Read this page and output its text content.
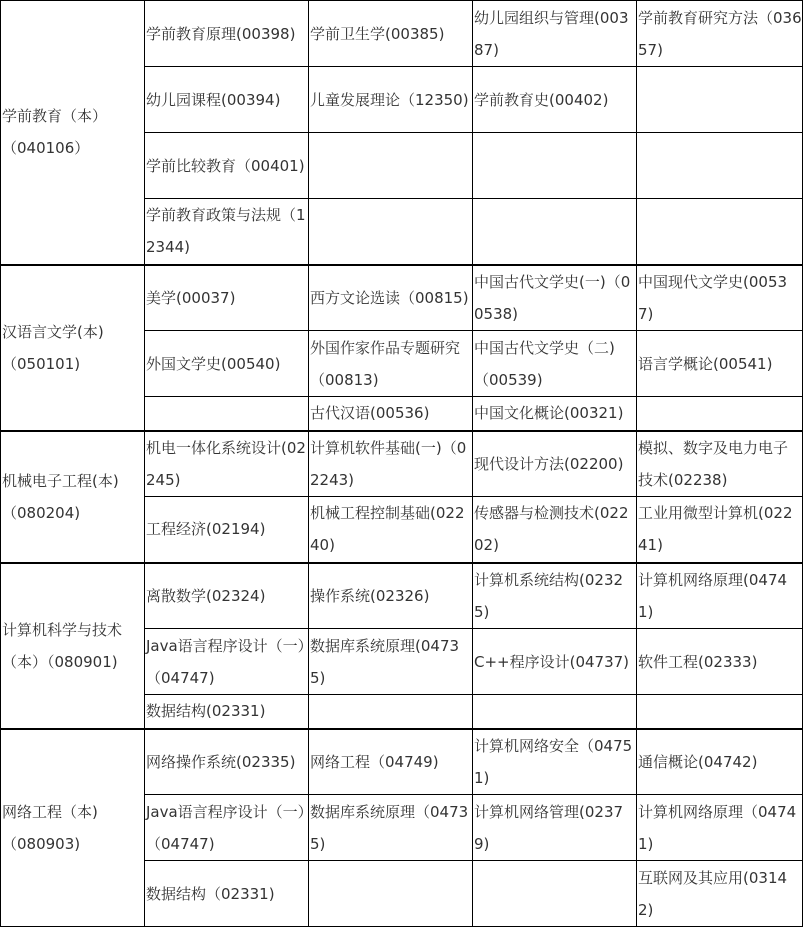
学前教育（本）
（040106）	学前教育原理(00398)	学前卫生学(00385)	幼儿园组织与管理(00387)	学前教育研究方法（03657)
	幼儿园课程(00394)	儿童发展理论（12350)	学前教育史(00402)	
	学前比较教育（00401)			
	学前教育政策与法规（12344)			
汉语言文学(本)
（050101)	美学(00037)	西方文论选读（00815)	中国古代文学史(一)（00538)	中国现代文学史(00537)
	外国文学史(00540)	外国作家作品专题研究（00813)	中国古代文学史（二)（00539)	语言学概论(00541)
		古代汉语(00536)	中国文化概论(00321)	
机械电子工程(本)
（080204)	机电一体化系统设计(02245)	计算机软件基础(一)（02243)	现代设计方法(02200)	模拟、数字及电力电子技术(02238)
	工程经济(02194)	机械工程控制基础(02240)	传感器与检测技术(02202)	工业用微型计算机(02241)
计算机科学与技术（本）（080901)	离散数学(02324)	操作系统(02326)	计算机系统结构(02325)	计算机网络原理(04741)
	Java语言程序设计（一）（04747)	数据库系统原理(04735)	C++程序设计(04737)	软件工程(02333)
	数据结构(02331)			
网络工程（本)
（080903)	网络操作系统(02335)	网络工程（04749)	计算机网络安全（04751)	通信概论(04742)
	Java语言程序设计（一）（04747)	数据库系统原理（04735)	计算机网络管理(02379)	计算机网络原理（04741)
	数据结构（02331)			互联网及其应用(03142)
